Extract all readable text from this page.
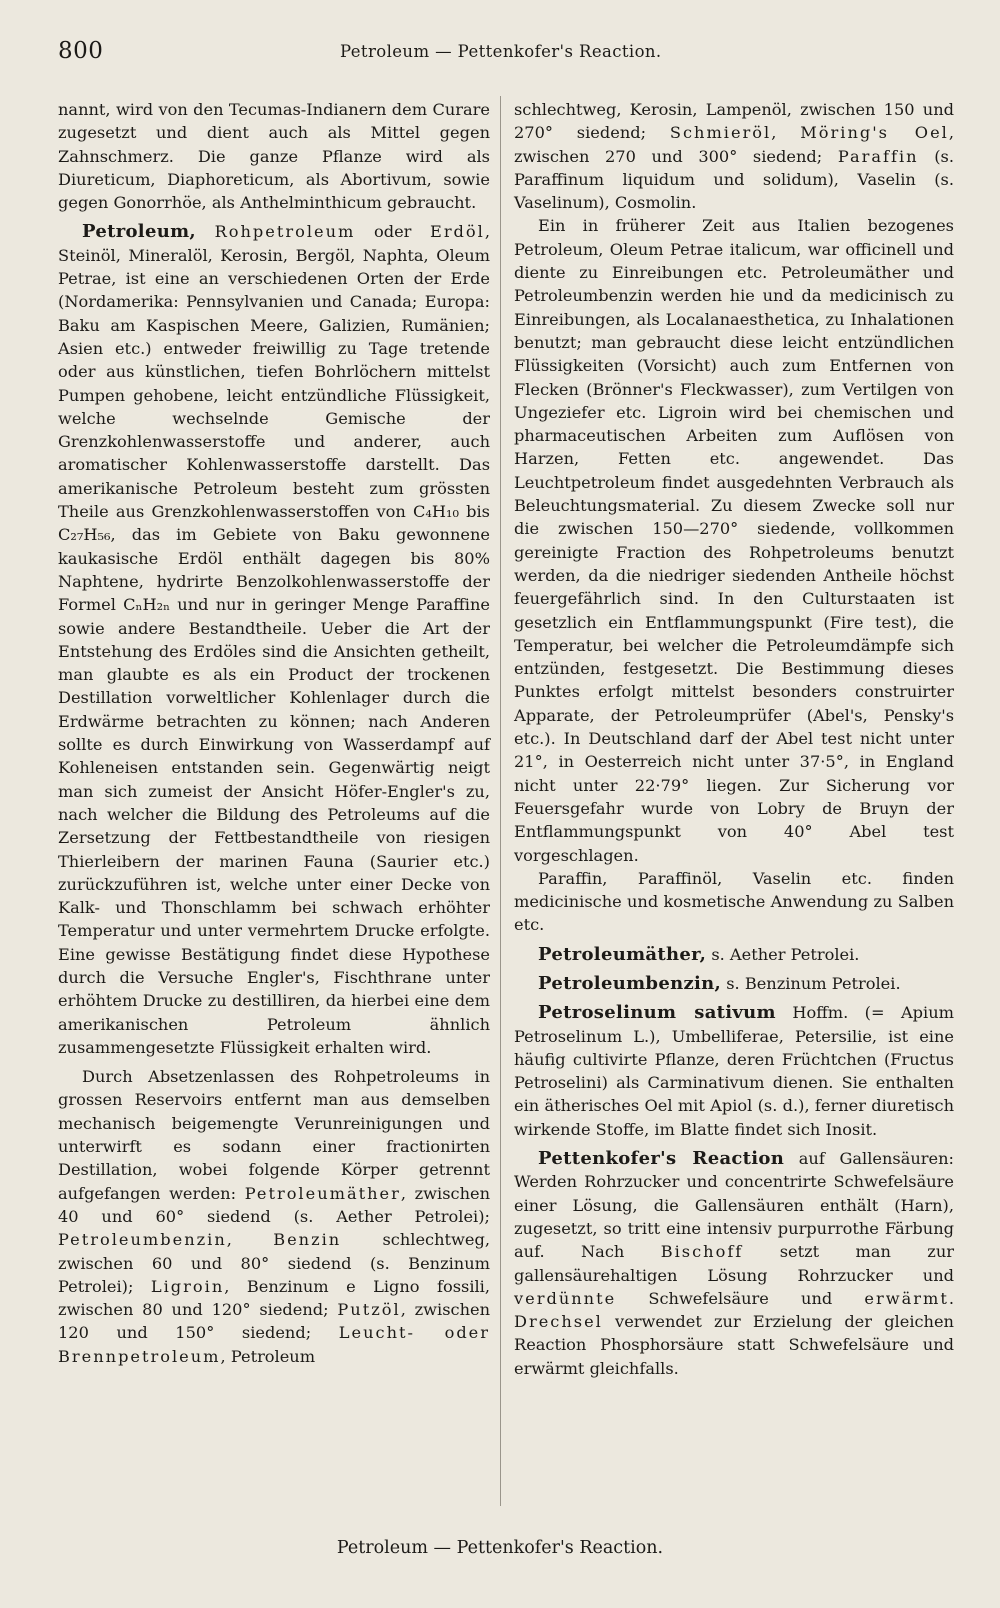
800	Petroleum — Pettenkofer's Reaction.

nannt, wird von den Tecumas-Indianern dem Curare zugesetzt und dient auch als Mittel gegen Zahnschmerz. Die ganze Pflanze wird als Diureticum, Diaphoreticum, als Abortivum, sowie gegen Gonorrhöe, als Anthelminthicum gebraucht.

Petroleum, Rohpetroleum oder Erdöl, Steinöl, Mineralöl, Kerosin, Bergöl, Naphta, Oleum Petrae, ist eine an verschiedenen Orten der Erde (Nordamerika: Pennsylvanien und Canada; Europa: Baku am Kaspischen Meere, Galizien, Rumänien; Asien etc.) entweder freiwillig zu Tage tretende oder aus künstlichen, tiefen Bohrlöchern mittelst Pumpen gehobene, leicht entzündliche Flüssigkeit, welche wechselnde Gemische der Grenzkohlenwasserstoffe und anderer, auch aromatischer Kohlenwasserstoffe darstellt. Das amerikanische Petroleum besteht zum grössten Theile aus Grenzkohlenwasserstoffen von C₄H₁₀ bis C₂₇H₅₆, das im Gebiete von Baku gewonnene kaukasische Erdöl enthält dagegen bis 80% Naphtene, hydrirte Benzolkohlenwasserstoffe der Formel CₙH₂ₙ und nur in geringer Menge Paraffine sowie andere Bestandtheile. Ueber die Art der Entstehung des Erdöles sind die Ansichten getheilt, man glaubte es als ein Product der trockenen Destillation vorweltlicher Kohlenlager durch die Erdwärme betrachten zu können; nach Anderen sollte es durch Einwirkung von Wasserdampf auf Kohleneisen entstanden sein. Gegenwärtig neigt man sich zumeist der Ansicht Höfer-Engler's zu, nach welcher die Bildung des Petroleums auf die Zersetzung der Fettbestandtheile von riesigen Thierleibern der marinen Fauna (Saurier etc.) zurückzuführen ist, welche unter einer Decke von Kalk- und Thonschlamm bei schwach erhöhter Temperatur und unter vermehrtem Drucke erfolgte. Eine gewisse Bestätigung findet diese Hypothese durch die Versuche Engler's, Fischthrane unter erhöhtem Drucke zu destilliren, da hierbei eine dem amerikanischen Petroleum ähnlich zusammengesetzte Flüssigkeit erhalten wird.

Durch Absetzenlassen des Rohpetroleums in grossen Reservoirs entfernt man aus demselben mechanisch beigemengte Verunreinigungen und unterwirft es sodann einer fractionirten Destillation, wobei folgende Körper getrennt aufgefangen werden: Petroleumäther, zwischen 40 und 60° siedend (s. Aether Petrolei); Petroleumbenzin, Benzin schlechtweg, zwischen 60 und 80° siedend (s. Benzinum Petrolei); Ligroin, Benzinum e Ligno fossili, zwischen 80 und 120° siedend; Putzöl, zwischen 120 und 150° siedend; Leucht- oder Brennpetroleum, Petroleum

schlechtweg, Kerosin, Lampenöl, zwischen 150 und 270° siedend; Schmieröl, Möring's Oel, zwischen 270 und 300° siedend; Paraffin (s. Paraffinum liquidum und solidum), Vaselin (s. Vaselinum), Cosmolin.

Ein in früherer Zeit aus Italien bezogenes Petroleum, Oleum Petrae italicum, war officinell und diente zu Einreibungen etc. Petroleumäther und Petroleumbenzin werden hie und da medicinisch zu Einreibungen, als Localanaesthetica, zu Inhalationen benutzt; man gebraucht diese leicht entzündlichen Flüssigkeiten (Vorsicht) auch zum Entfernen von Flecken (Brönner's Fleckwasser), zum Vertilgen von Ungeziefer etc. Ligroin wird bei chemischen und pharmaceutischen Arbeiten zum Auflösen von Harzen, Fetten etc. angewendet. Das Leuchtpetroleum findet ausgedehnten Verbrauch als Beleuchtungsmaterial. Zu diesem Zwecke soll nur die zwischen 150—270° siedende, vollkommen gereinigte Fraction des Rohpetroleums benutzt werden, da die niedriger siedenden Antheile höchst feuergefährlich sind. In den Culturstaaten ist gesetzlich ein Entflammungspunkt (Fire test), die Temperatur, bei welcher die Petroleumdämpfe sich entzünden, festgesetzt. Die Bestimmung dieses Punktes erfolgt mittelst besonders construirter Apparate, der Petroleumprüfer (Abel's, Pensky's etc.). In Deutschland darf der Abel test nicht unter 21°, in Oesterreich nicht unter 37·5°, in England nicht unter 22·79° liegen. Zur Sicherung vor Feuersgefahr wurde von Lobry de Bruyn der Entflammungspunkt von 40° Abel test vorgeschlagen.

Paraffin, Paraffinöl, Vaselin etc. finden medicinische und kosmetische Anwendung zu Salben etc.

Petroleumäther, s. Aether Petrolei.

Petroleumbenzin, s. Benzinum Petrolei.

Petroselinum sativum Hoffm. (= Apium Petroselinum L.), Umbelliferae, Petersilie, ist eine häufig cultivirte Pflanze, deren Früchtchen (Fructus Petroselini) als Carminativum dienen. Sie enthalten ein ätherisches Oel mit Apiol (s. d.), ferner diuretisch wirkende Stoffe, im Blatte findet sich Inosit.

Pettenkofer's Reaction auf Gallensäuren: Werden Rohrzucker und concentrirte Schwefelsäure einer Lösung, die Gallensäuren enthält (Harn), zugesetzt, so tritt eine intensiv purpurrothe Färbung auf. Nach Bischoff setzt man zur gallensäurehaltigen Lösung Rohrzucker und verdünnte Schwefelsäure und erwärmt. Drechsel verwendet zur Erzielung der gleichen Reaction Phosphorsäure statt Schwefelsäure und erwärmt gleichfalls.

Petroleum — Pettenkofer's Reaction.
